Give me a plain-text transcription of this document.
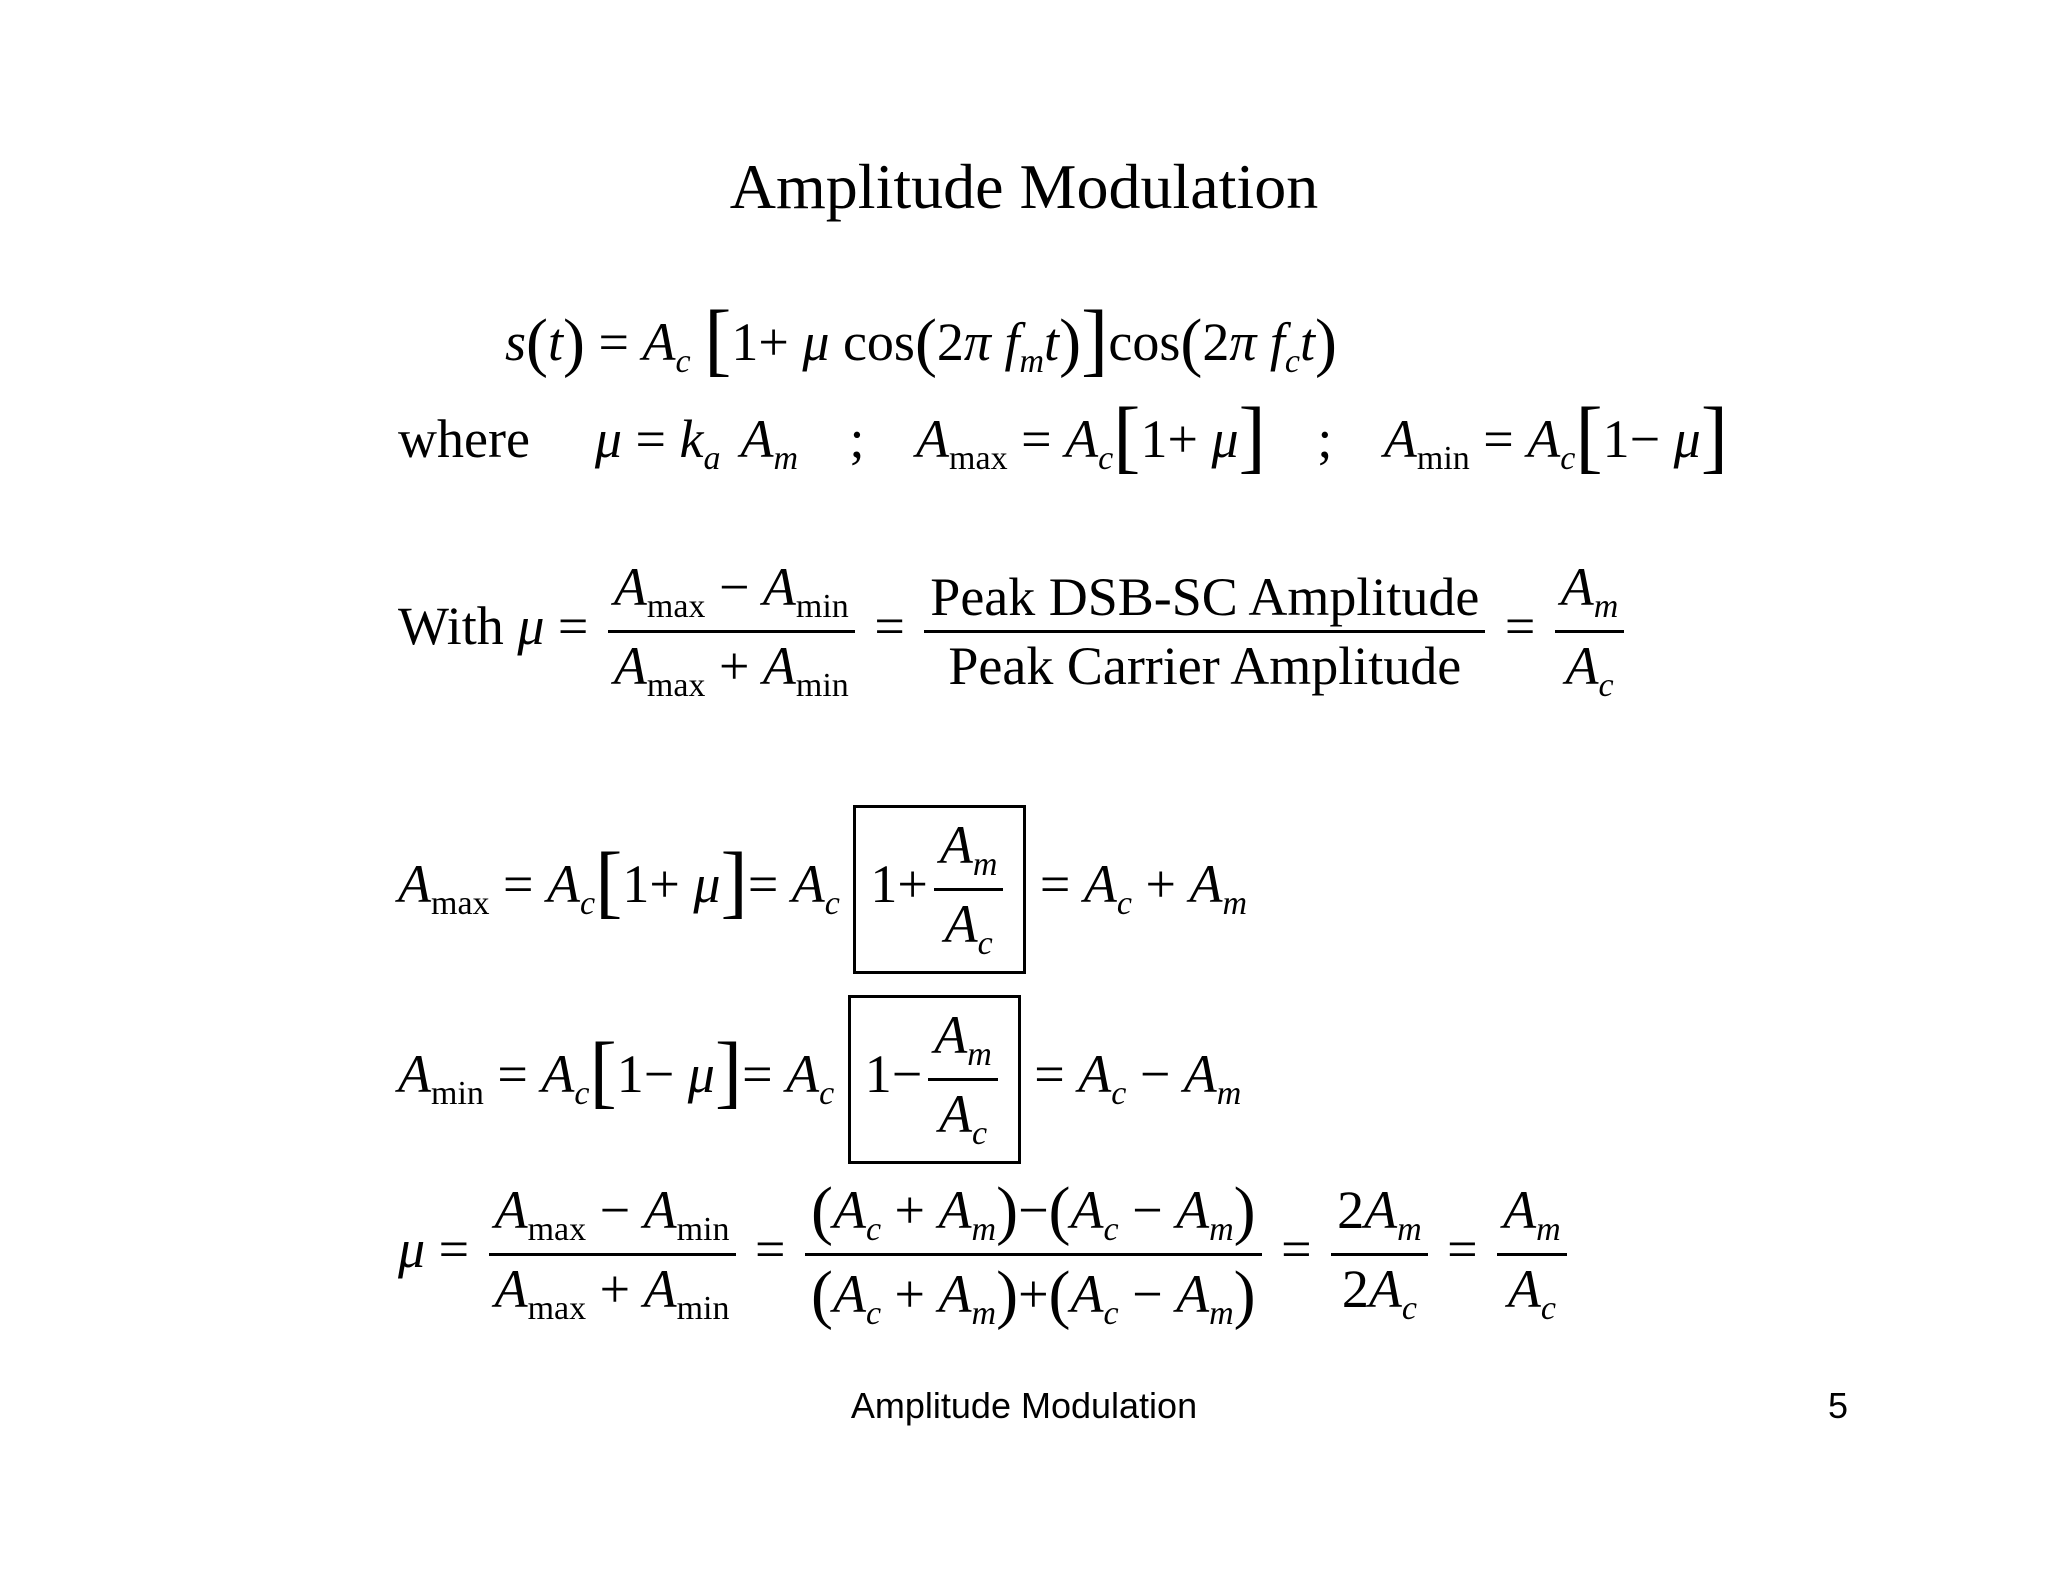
Amplitude Modulation
$s(t) = A_c$ [1+ μ cos(2π $f_mt)]\cos(2\pi$ $f_ct$)
where $\mu = k_a$ $A_m$ ; $A_{max} = A_c[1+ \mu]$ ; $A_{min} = A_c[1- \mu]$
With $\mu = \frac{A_{max} - A_{min}}{A_{max} + A_{min}} = \frac{\text{Peak DSB-SC Amplitude}}{\text{Peak Carrier Amplitude}} = \frac{A_m}{A_c}$
$A_{max} = A_c[1+ \mu]= A_c$ $1+ \frac{A_m}{A_c} = A_c + A_m$
$A_{min} = A_c[1- \mu]= A_c$ $1- \frac{A_m}{A_c} = A_c - A_m$
$\mu = \frac{A_{max} - A_{min}}{A_{max} + A_{min}} = \frac{(A_c + A_m)-(A_c - A_m)}{(A_c + A_m)+(A_c - A_m)} = \frac{2A_m}{2A_c} = \frac{A_m}{A_c}$
Amplitude Modulation	5
